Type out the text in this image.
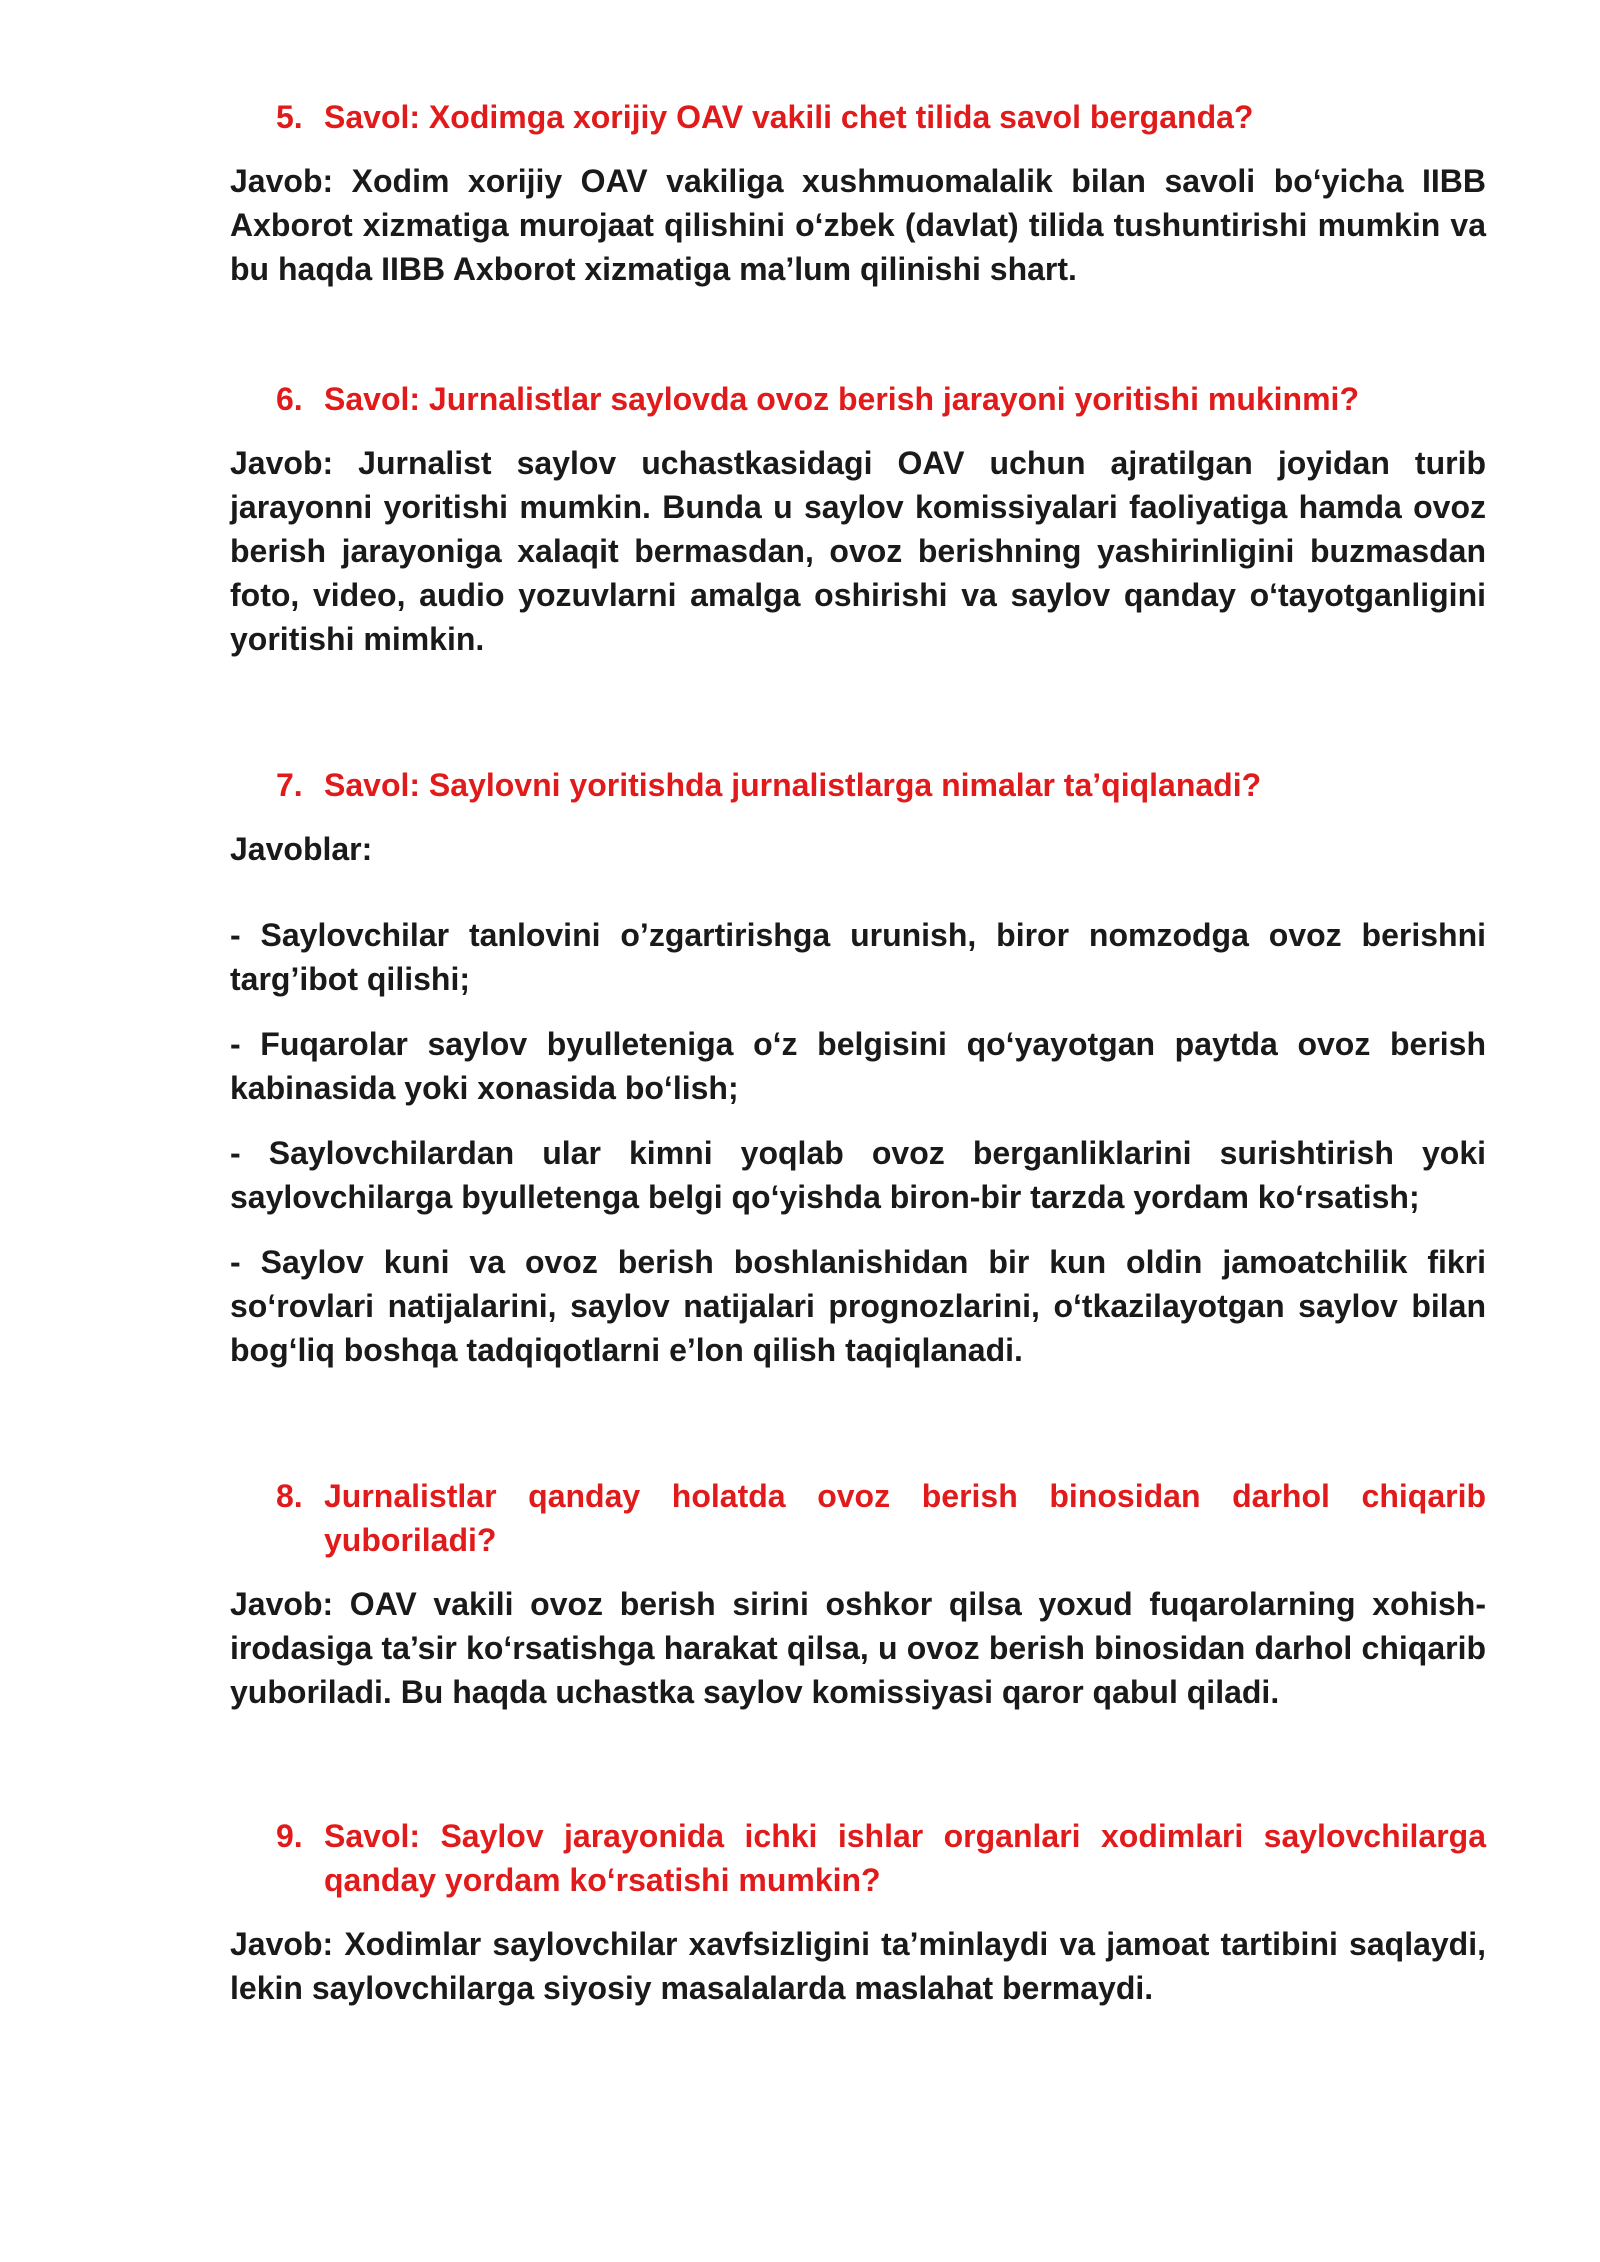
5. Savol: Xodimga xorijiy OAV vakili chet tilida savol berganda?

Javob: Xodim xorijiy OAV vakiliga xushmuomalalik bilan savoli bo‘yicha IIBB Axborot xizmatiga murojaat qilishini o‘zbek (davlat) tilida tushuntirishi mumkin va bu haqda IIBB Axborot xizmatiga ma’lum qilinishi shart.

6. Savol: Jurnalistlar saylovda ovoz berish jarayoni yoritishi mukinmi?

Javob: Jurnalist saylov uchastkasidagi OAV uchun ajratilgan joyidan turib jarayonni yoritishi mumkin. Bunda u saylov komissiyalari faoliyatiga hamda ovoz berish jarayoniga xalaqit bermasdan, ovoz berishning yashirinligini buzmasdan foto, video, audio yozuvlarni amalga oshirishi va saylov qanday o‘tayotganligini yoritishi mimkin.

7. Savol: Saylovni yoritishda jurnalistlarga nimalar ta’qiqlanadi?

Javoblar:

- Saylovchilar tanlovini o’zgartirishga urunish, biror nomzodga ovoz berishni targ’ibot qilishi;

- Fuqarolar saylov byulleteniga o‘z belgisini qo‘yayotgan paytda ovoz berish kabinasida yoki xonasida bo‘lish;

- Saylovchilardan ular kimni yoqlab ovoz berganliklarini surishtirish yoki saylovchilarga byulletenga belgi qo‘yishda biron-bir tarzda yordam ko‘rsatish;

- Saylov kuni va ovoz berish boshlanishidan bir kun oldin jamoatchilik fikri so‘rovlari natijalarini, saylov natijalari prognozlarini, o‘tkazilayotgan saylov bilan bog‘liq boshqa tadqiqotlarni e’lon qilish taqiqlanadi.

8. Jurnalistlar qanday holatda ovoz berish binosidan darhol chiqarib yuboriladi?

Javob: OAV vakili ovoz berish sirini oshkor qilsa yoxud fuqarolarning xohish-irodasiga ta’sir ko‘rsatishga harakat qilsa, u ovoz berish binosidan darhol chiqarib yuboriladi. Bu haqda uchastka saylov komissiyasi qaror qabul qiladi.

9. Savol: Saylov jarayonida ichki ishlar organlari xodimlari saylovchilarga qanday yordam ko‘rsatishi mumkin?

Javob: Xodimlar saylovchilar xavfsizligini ta’minlaydi va jamoat tartibini saqlaydi, lekin saylovchilarga siyosiy masalalarda maslahat bermaydi.
